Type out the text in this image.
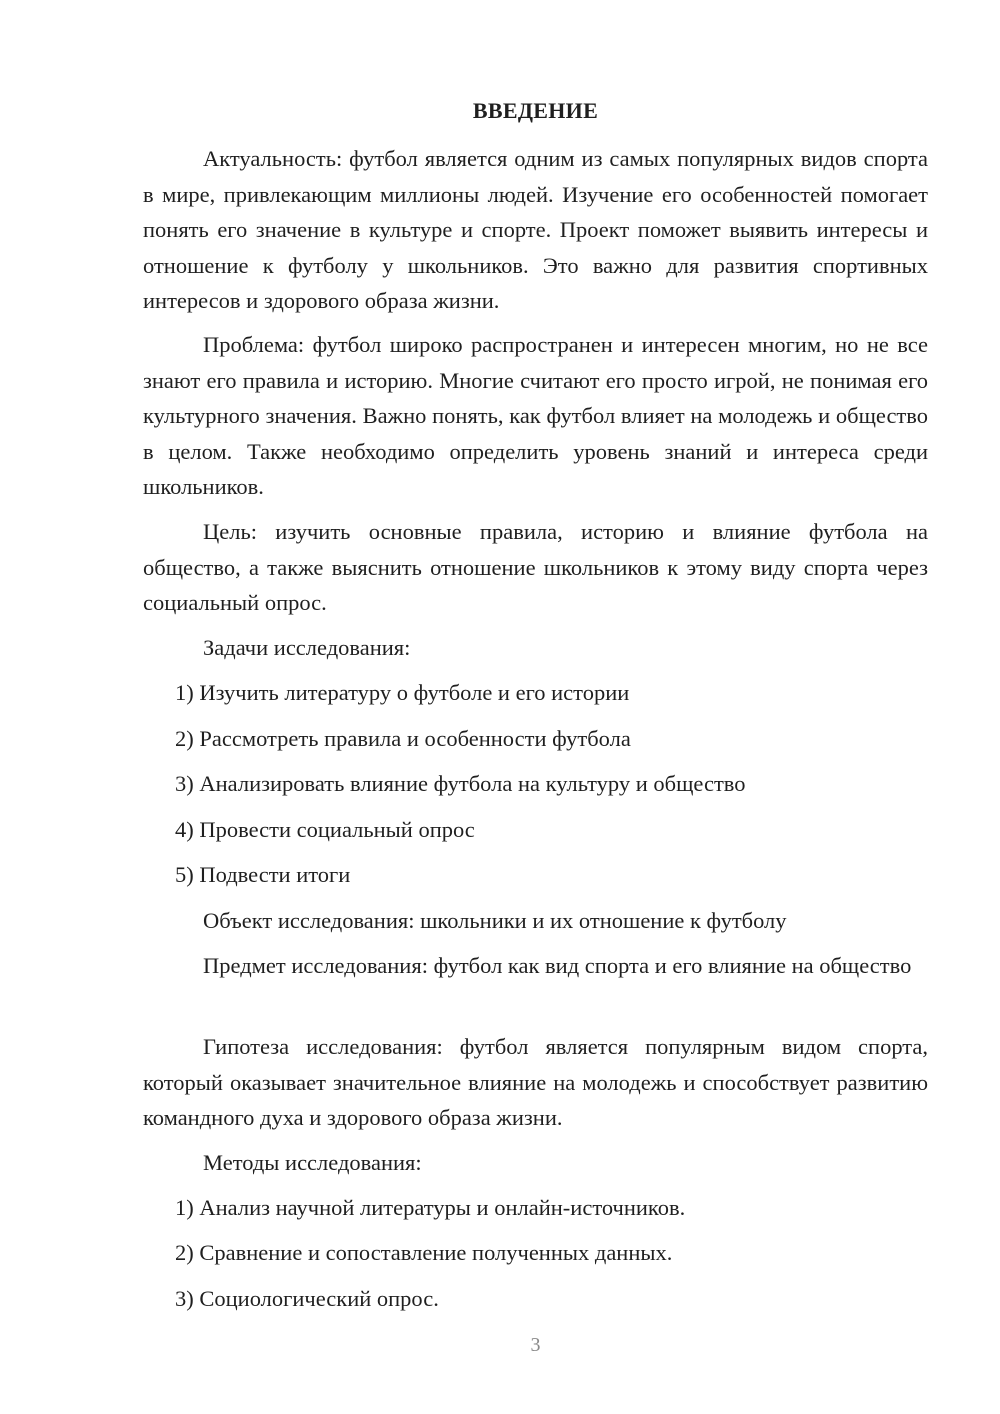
ВВЕДЕНИЕ

Актуальность: футбол является одним из самых популярных видов спорта в мире, привлекающим миллионы людей. Изучение его особенностей помогает понять его значение в культуре и спорте. Проект поможет выявить интересы и отношение к футболу у школьников. Это важно для развития спортивных интересов и здорового образа жизни.

Проблема: футбол широко распространен и интересен многим, но не все знают его правила и историю. Многие считают его просто игрой, не понимая его культурного значения. Важно понять, как футбол влияет на молодежь и общество в целом. Также необходимо определить уровень знаний и интереса среди школьников.

Цель: изучить основные правила, историю и влияние футбола на общество, а также выяснить отношение школьников к этому виду спорта через социальный опрос.

Задачи исследования:

1) Изучить литературу о футболе и его истории

2) Рассмотреть правила и особенности футбола

3) Анализировать влияние футбола на культуру и общество

4) Провести социальный опрос

5) Подвести итоги

Объект исследования: школьники и их отношение к футболу

Предмет исследования: футбол как вид спорта и его влияние на общество

Гипотеза исследования: футбол является популярным видом спорта, который оказывает значительное влияние на молодежь и способствует развитию командного духа и здорового образа жизни.

Методы исследования:

1) Анализ научной литературы и онлайн-источников.

2) Сравнение и сопоставление полученных данных.

3) Социологический опрос.

3
